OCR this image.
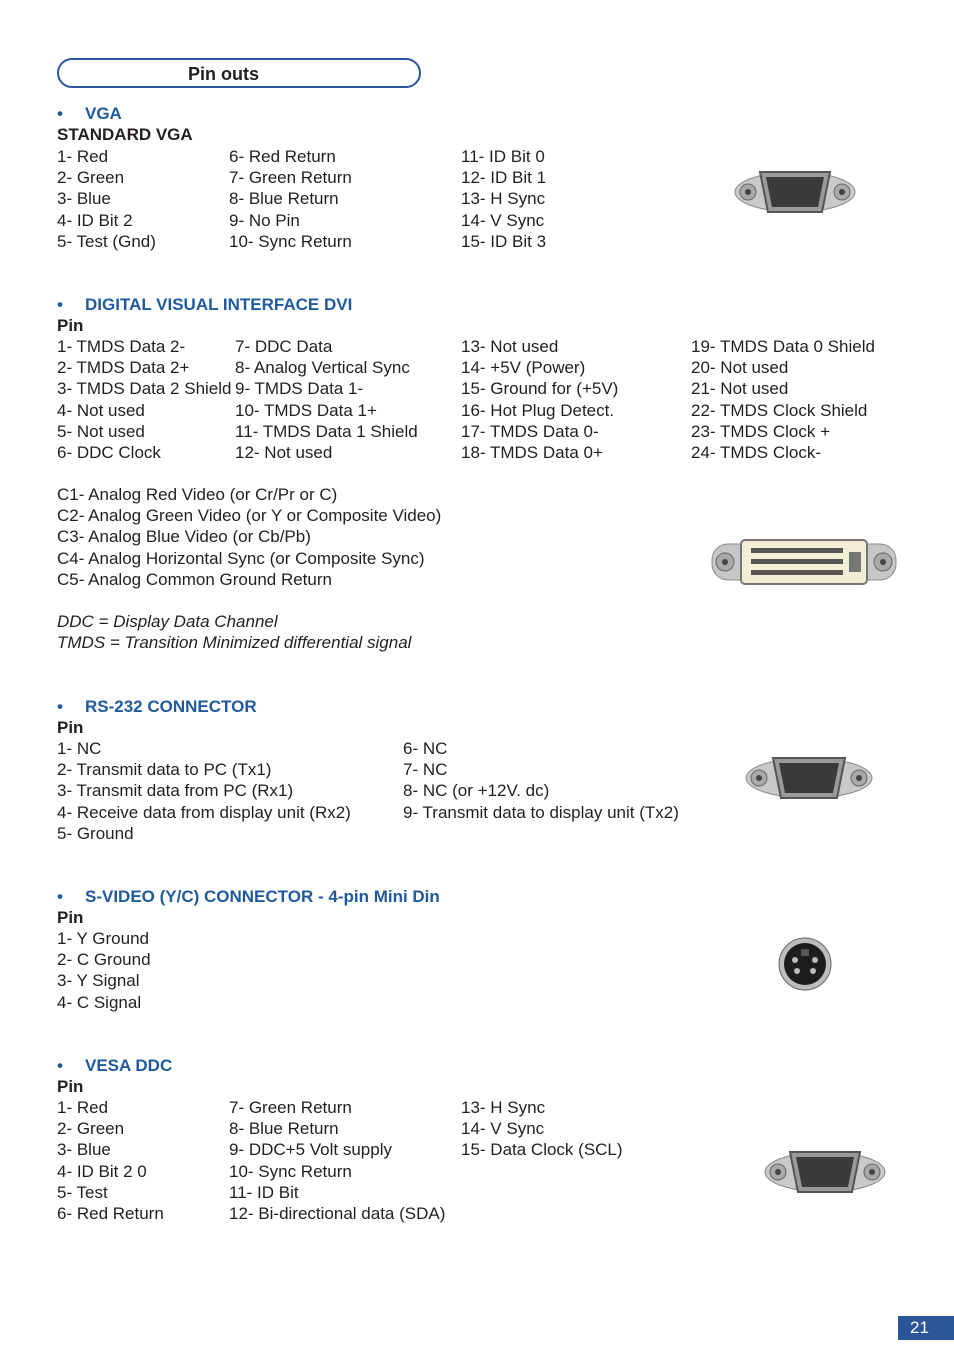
Pin outs
• VGA
STANDARD VGA
1- Red
2- Green
3- Blue
4- ID Bit 2
5- Test (Gnd)
6- Red Return
7- Green Return
8- Blue Return
9- No Pin
10- Sync Return
11- ID Bit 0
12- ID Bit 1
13- H Sync
14- V Sync
15- ID Bit 3
• DIGITAL VISUAL INTERFACE DVI
Pin
1- TMDS Data 2-
2- TMDS Data 2+
3- TMDS Data 2 Shield
4- Not used
5- Not used
6- DDC Clock
7- DDC Data
8- Analog Vertical Sync
9- TMDS Data 1-
10- TMDS Data 1+
11- TMDS Data 1 Shield
12- Not used
13- Not used
14- +5V (Power)
15- Ground for (+5V)
16- Hot Plug Detect.
17- TMDS Data 0-
18- TMDS Data 0+
19- TMDS Data 0 Shield
20- Not used
21- Not used
22- TMDS Clock Shield
23- TMDS Clock +
24- TMDS Clock-
C1- Analog Red Video (or Cr/Pr or C)
C2- Analog Green Video (or Y or Composite Video)
C3- Analog Blue Video (or Cb/Pb)
C4- Analog Horizontal Sync (or Composite Sync)
C5- Analog Common Ground Return
DDC = Display Data Channel
TMDS = Transition Minimized differential signal
• RS-232 CONNECTOR
Pin
1- NC
2- Transmit data to PC (Tx1)
3- Transmit data from PC (Rx1)
4- Receive data from display unit (Rx2)
5- Ground
6- NC
7- NC
8- NC (or +12V. dc)
9- Transmit data to display unit (Tx2)
• S-VIDEO (Y/C) CONNECTOR - 4-pin Mini Din
Pin
1- Y Ground
2- C Ground
3- Y Signal
4- C Signal
• VESA DDC
Pin
1- Red
2- Green
3- Blue
4- ID Bit 2 0
5- Test
6- Red Return
7- Green Return
8- Blue Return
9- DDC+5 Volt supply
10- Sync Return
11- ID Bit
12- Bi-directional data (SDA)
13- H Sync
14- V Sync
15- Data Clock (SCL)
21
